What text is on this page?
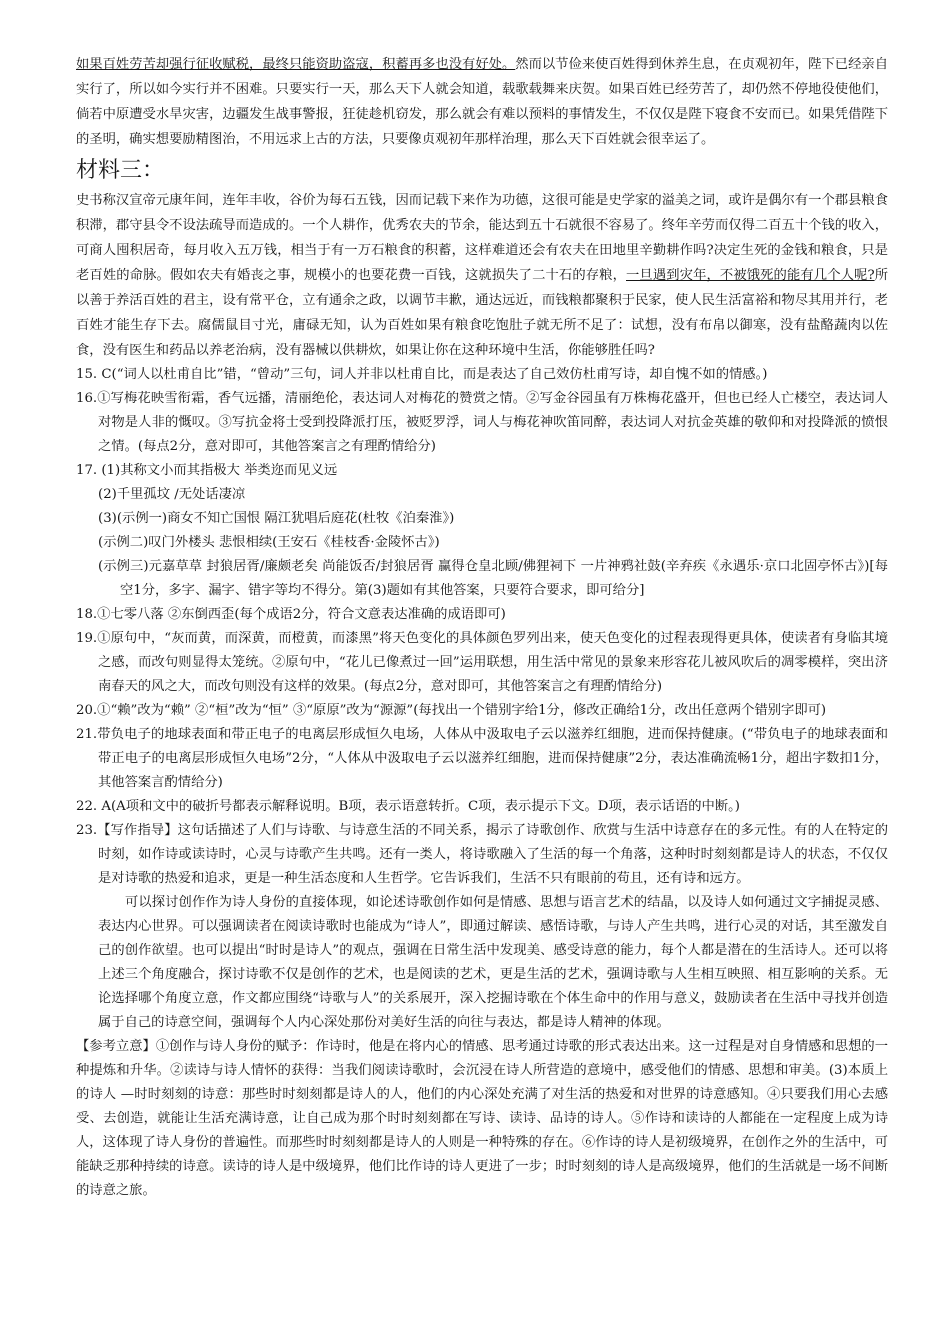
如果百姓劳苦却强行征收赋税，最终只能资助盗寇，积蓄再多也没有好处。然而以节俭来使百姓得到休养生息，在贞观初年，陛下已经亲自实行了，所以如今实行并不困难。只要实行一天，那么天下人就会知道，载歌载舞来庆贺。如果百姓已经劳苦了，却仍然不停地役使他们，倘若中原遭受水旱灾害，边疆发生战事警报，狂徒趁机窃发，那么就会有难以预料的事情发生，不仅仅是陛下寝食不安而已。如果凭借陛下的圣明，确实想要励精图治，不用远求上古的方法，只要像贞观初年那样治理，那么天下百姓就会很幸运了。

材料三：

史书称汉宣帝元康年间，连年丰收，谷价为每石五钱，因而记载下来作为功德，这很可能是史学家的溢美之词，或许是偶尔有一个郡县粮食积滞，郡守县令不设法疏导而造成的。一个人耕作，优秀农夫的节余，能达到五十石就很不容易了。终年辛劳而仅得二百五十个钱的收入，可商人囤积居奇，每月收入五万钱，相当于有一万石粮食的积蓄，这样难道还会有农夫在田地里辛勤耕作吗?决定生死的金钱和粮食，只是老百姓的命脉。假如农夫有婚丧之事，规模小的也要花费一百钱，这就损失了二十石的存粮，一旦遇到灾年，不被饿死的能有几个人呢?所以善于养活百姓的君主，设有常平仓，立有通余之政，以调节丰歉，通达远近，而钱粮都聚积于民家，使人民生活富裕和物尽其用并行，老百姓才能生存下去。腐儒鼠目寸光，庸碌无知，认为百姓如果有粮食吃饱肚子就无所不足了：试想，没有布帛以御寒，没有盐酪蔬肉以佐食，没有医生和药品以养老治病，没有器械以供耕炊，如果让你在这种环境中生活，你能够胜任吗?

15. C(“词人以杜甫自比”错，“曾动”三句，词人并非以杜甫自比，而是表达了自己效仿杜甫写诗，却自愧不如的情感。)

16.①写梅花映雪衔霜，香气远播，清丽绝伦，表达词人对梅花的赞赏之情。②写金谷园虽有万株梅花盛开，但也已经人亡楼空，表达词人对物是人非的慨叹。③写抗金将士受到投降派打压，被贬罗浮，词人与梅花神吹笛同醉，表达词人对抗金英雄的敬仰和对投降派的愤恨之情。(每点2分，意对即可，其他答案言之有理酌情给分)

17. (1)其称文小而其指极大 举类迩而见义远

(2)千里孤坟 /无处话凄凉

(3)(示例一)商女不知亡国恨 隔江犹唱后庭花(杜牧《泊秦淮》)

(示例二)叹门外楼头 悲恨相续(王安石《桂枝香·金陵怀古》)

(示例三)元嘉草草 封狼居胥/廉颇老矣 尚能饭否/封狼居胥 赢得仓皇北顾/佛狸祠下 一片神鸦社鼓(辛弃疾《永遇乐·京口北固亭怀古》)[每空1分，多字、漏字、错字等均不得分。第(3)题如有其他答案，只要符合要求，即可给分]

18.①七零八落 ②东倒西歪(每个成语2分，符合文意表达准确的成语即可)

19.①原句中，“灰而黄，而深黄，而橙黄，而漆黑”将天色变化的具体颜色罗列出来，使天色变化的过程表现得更具体，使读者有身临其境之感，而改句则显得太笼统。②原句中，“花儿已像煮过一回”运用联想，用生活中常见的景象来形容花儿被风吹后的凋零模样，突出济南春天的风之大，而改句则没有这样的效果。(每点2分，意对即可，其他答案言之有理酌情给分)

20.①“赖”改为“赖” ②“桓”改为“恒” ③“原原”改为“源源”(每找出一个错别字给1分，修改正确给1分，改出任意两个错别字即可)

21.带负电子的地球表面和带正电子的电离层形成恒久电场，人体从中汲取电子云以滋养红细胞，进而保持健康。(“带负电子的地球表面和带正电子的电离层形成恒久电场”2分，“人体从中汲取电子云以滋养红细胞，进而保持健康”2分，表达准确流畅1分，超出字数扣1分，其他答案言酌情给分)

22. A(A项和文中的破折号都表示解释说明。B项，表示语意转折。C项，表示提示下文。D项，表示话语的中断。)

23.【写作指导】这句话描述了人们与诗歌、与诗意生活的不同关系，揭示了诗歌创作、欣赏与生活中诗意存在的多元性。有的人在特定的时刻，如作诗或读诗时，心灵与诗歌产生共鸣。还有一类人，将诗歌融入了生活的每一个角落，这种时时刻刻都是诗人的状态，不仅仅是对诗歌的热爱和追求，更是一种生活态度和人生哲学。它告诉我们，生活不只有眼前的苟且，还有诗和远方。

可以探讨创作作为诗人身份的直接体现，如论述诗歌创作如何是情感、思想与语言艺术的结晶，以及诗人如何通过文字捕捉灵感、表达内心世界。可以强调读者在阅读诗歌时也能成为“诗人”，即通过解读、感悟诗歌，与诗人产生共鸣，进行心灵的对话，其至激发自己的创作欲望。也可以提出“时时是诗人”的观点，强调在日常生活中发现美、感受诗意的能力，每个人都是潜在的生活诗人。还可以将上述三个角度融合，探讨诗歌不仅是创作的艺术，也是阅读的艺术，更是生活的艺术，强调诗歌与人生相互映照、相互影响的关系。无论选择哪个角度立意，作文都应围绕“诗歌与人”的关系展开，深入挖掘诗歌在个体生命中的作用与意义，鼓励读者在生活中寻找并创造属于自己的诗意空间，强调每个人内心深处那份对美好生活的向往与表达，都是诗人精神的体现。

【参考立意】①创作与诗人身份的赋予：作诗时，他是在将内心的情感、思考通过诗歌的形式表达出来。这一过程是对自身情感和思想的一种提炼和升华。②读诗与诗人情怀的获得：当我们阅读诗歌时，会沉浸在诗人所营造的意境中，感受他们的情感、思想和审美。(3)本质上的诗人 —时时刻刻的诗意：那些时时刻刻都是诗人的人，他们的内心深处充满了对生活的热爱和对世界的诗意感知。④只要我们用心去感受、去创造，就能让生活充满诗意，让自己成为那个时时刻刻都在写诗、读诗、品诗的诗人。⑤作诗和读诗的人都能在一定程度上成为诗人，这体现了诗人身份的普遍性。而那些时时刻刻都是诗人的人则是一种特殊的存在。⑥作诗的诗人是初级境界，在创作之外的生活中，可能缺乏那种持续的诗意。读诗的诗人是中级境界，他们比作诗的诗人更进了一步；时时刻刻的诗人是高级境界，他们的生活就是一场不间断的诗意之旅。
